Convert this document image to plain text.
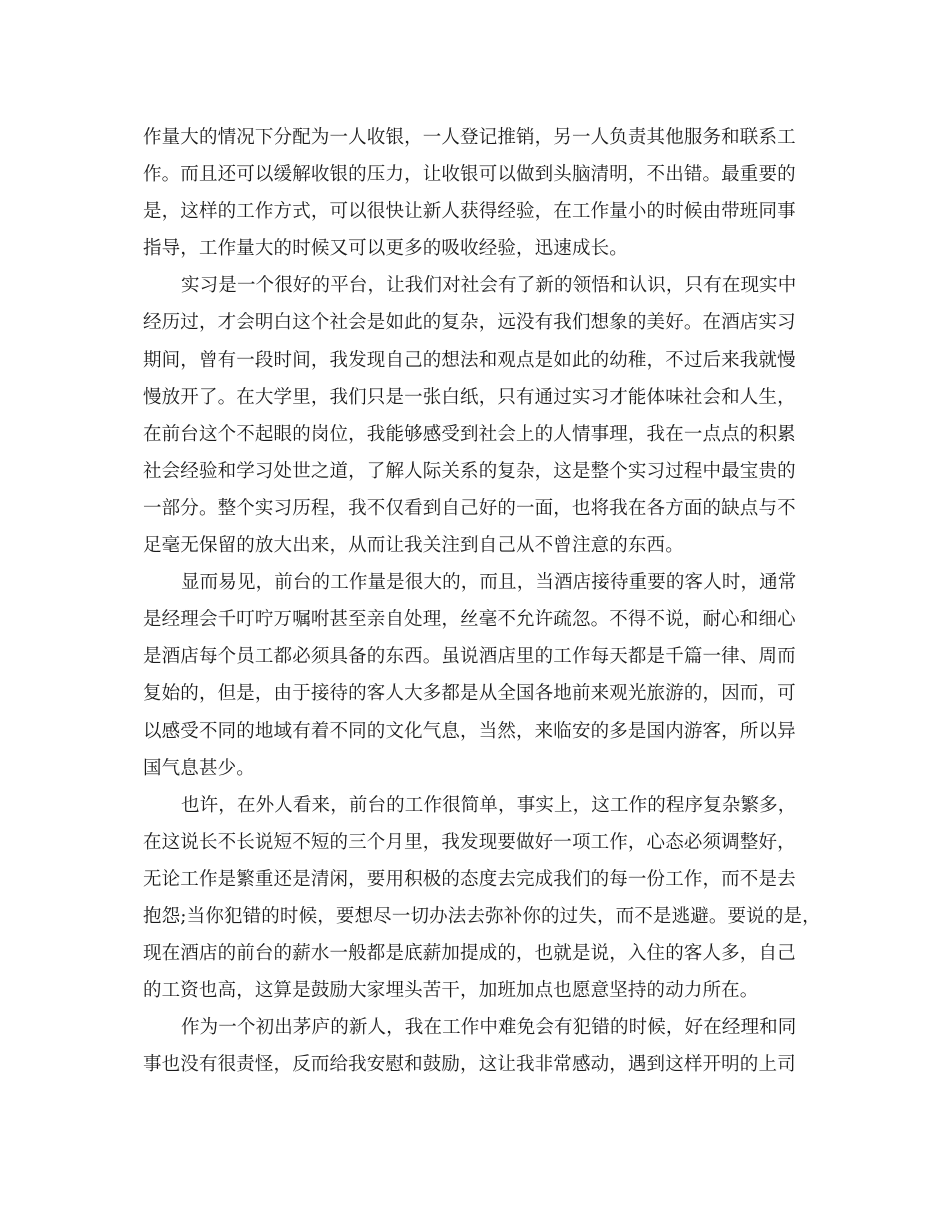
作量大的情况下分配为一人收银，一人登记推销，另一人负责其他服务和联系工
作。而且还可以缓解收银的压力，让收银可以做到头脑清明，不出错。最重要的
是，这样的工作方式，可以很快让新人获得经验，在工作量小的时候由带班同事
指导，工作量大的时候又可以更多的吸收经验，迅速成长。
实习是一个很好的平台，让我们对社会有了新的领悟和认识，只有在现实中
经历过，才会明白这个社会是如此的复杂，远没有我们想象的美好。在酒店实习
期间，曾有一段时间，我发现自己的想法和观点是如此的幼稚，不过后来我就慢
慢放开了。在大学里，我们只是一张白纸，只有通过实习才能体味社会和人生，
在前台这个不起眼的岗位，我能够感受到社会上的人情事理，我在一点点的积累
社会经验和学习处世之道，了解人际关系的复杂，这是整个实习过程中最宝贵的
一部分。整个实习历程，我不仅看到自己好的一面，也将我在各方面的缺点与不
足毫无保留的放大出来，从而让我关注到自己从不曾注意的东西。
显而易见，前台的工作量是很大的，而且，当酒店接待重要的客人时，通常
是经理会千叮咛万嘱咐甚至亲自处理，丝毫不允许疏忽。不得不说，耐心和细心
是酒店每个员工都必须具备的东西。虽说酒店里的工作每天都是千篇一律、周而
复始的，但是，由于接待的客人大多都是从全国各地前来观光旅游的，因而，可
以感受不同的地域有着不同的文化气息，当然，来临安的多是国内游客，所以异
国气息甚少。
也许，在外人看来，前台的工作很简单，事实上，这工作的程序复杂繁多，
在这说长不长说短不短的三个月里，我发现要做好一项工作，心态必须调整好，
无论工作是繁重还是清闲，要用积极的态度去完成我们的每一份工作，而不是去
抱怨;当你犯错的时候，要想尽一切办法去弥补你的过失，而不是逃避。要说的是，
现在酒店的前台的薪水一般都是底薪加提成的，也就是说，入住的客人多，自己
的工资也高，这算是鼓励大家埋头苦干，加班加点也愿意坚持的动力所在。
作为一个初出茅庐的新人，我在工作中难免会有犯错的时候，好在经理和同
事也没有很责怪，反而给我安慰和鼓励，这让我非常感动，遇到这样开明的上司
